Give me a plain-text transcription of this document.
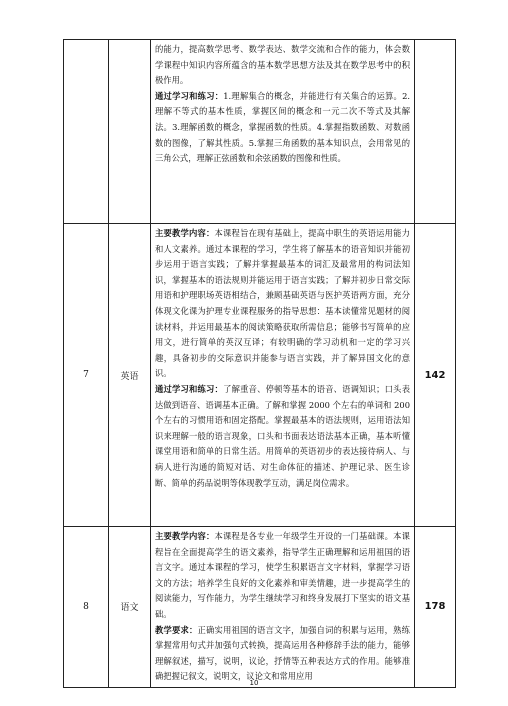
		的能力，提高数学思考、数学表达、数学交流和合作的能力，体会数学课程中知识内容所蕴含的基本数学思想方法及其在数学思考中的积极作用。

通过学习和练习：1.理解集合的概念，并能进行有关集合的运算。2.理解不等式的基本性质，掌握区间的概念和一元二次不等式及其解法。3.理解函数的概念，掌握函数的性质。4.掌握指数函数、对数函数的图像，了解其性质。5.掌握三角函数的基本知识点，会用常见的三角公式，理解正弦函数和余弦函数的图像和性质。	

7	英语	主要教学内容：本课程旨在现有基础上，提高中职生的英语运用能力和人文素养。通过本课程的学习，学生将了解基本的语音知识并能初步运用于语言实践；了解并掌握最基本的词汇及最常用的构词法知识，掌握基本的语法规则并能运用于语言实践；了解并初步日常交际用语和护理职场英语相结合，兼顾基础英语与医护英语两方面，充分体现文化课为护理专业课程服务的指导思想：基本读懂常见题材的阅读材料，并运用最基本的阅读策略获取所需信息；能够书写简单的应用文，进行简单的英汉互译；有较明确的学习动机和一定的学习兴趣，具备初步的交际意识并能参与语言实践，并了解异国文化的意识。

通过学习和练习：了解重音、停顿等基本的语音、语调知识；口头表达做到语音、语调基本正确。了解和掌握 2000 个左右的单词和 200 个左右的习惯用语和固定搭配。掌握最基本的语法规则，运用语法知识来理解一般的语言现象，口头和书面表达语法基本正确，基本听懂课堂用语和简单的日常生活。用简单的英语初步的表达接待病人、与病人进行沟通的简短对话、对生命体征的描述、护理记录、医生诊断、简单的药品说明等体现教学互动，满足岗位需求。	142
8	语文	主要教学内容：本课程是各专业一年级学生开设的一门基础课。本课程旨在全面提高学生的语文素养，指导学生正确理解和运用祖国的语言文字。通过本课程的学习，使学生积累语言文字材料，掌握学习语文的方法；培养学生良好的文化素养和审美情趣，进一步提高学生的阅读能力，写作能力，为学生继续学习和终身发展打下坚实的语文基础。

教学要求：正确实用祖国的语言文字，加强自词的积累与运用，熟练掌握常用句式并加强句式转换，提高运用各种修辞手法的能力，能够理解叙述，描写，说明，议论，抒情等五种表达方式的作用。能够准确把握记叙文，说明文，议论文和常用应用	178
10
